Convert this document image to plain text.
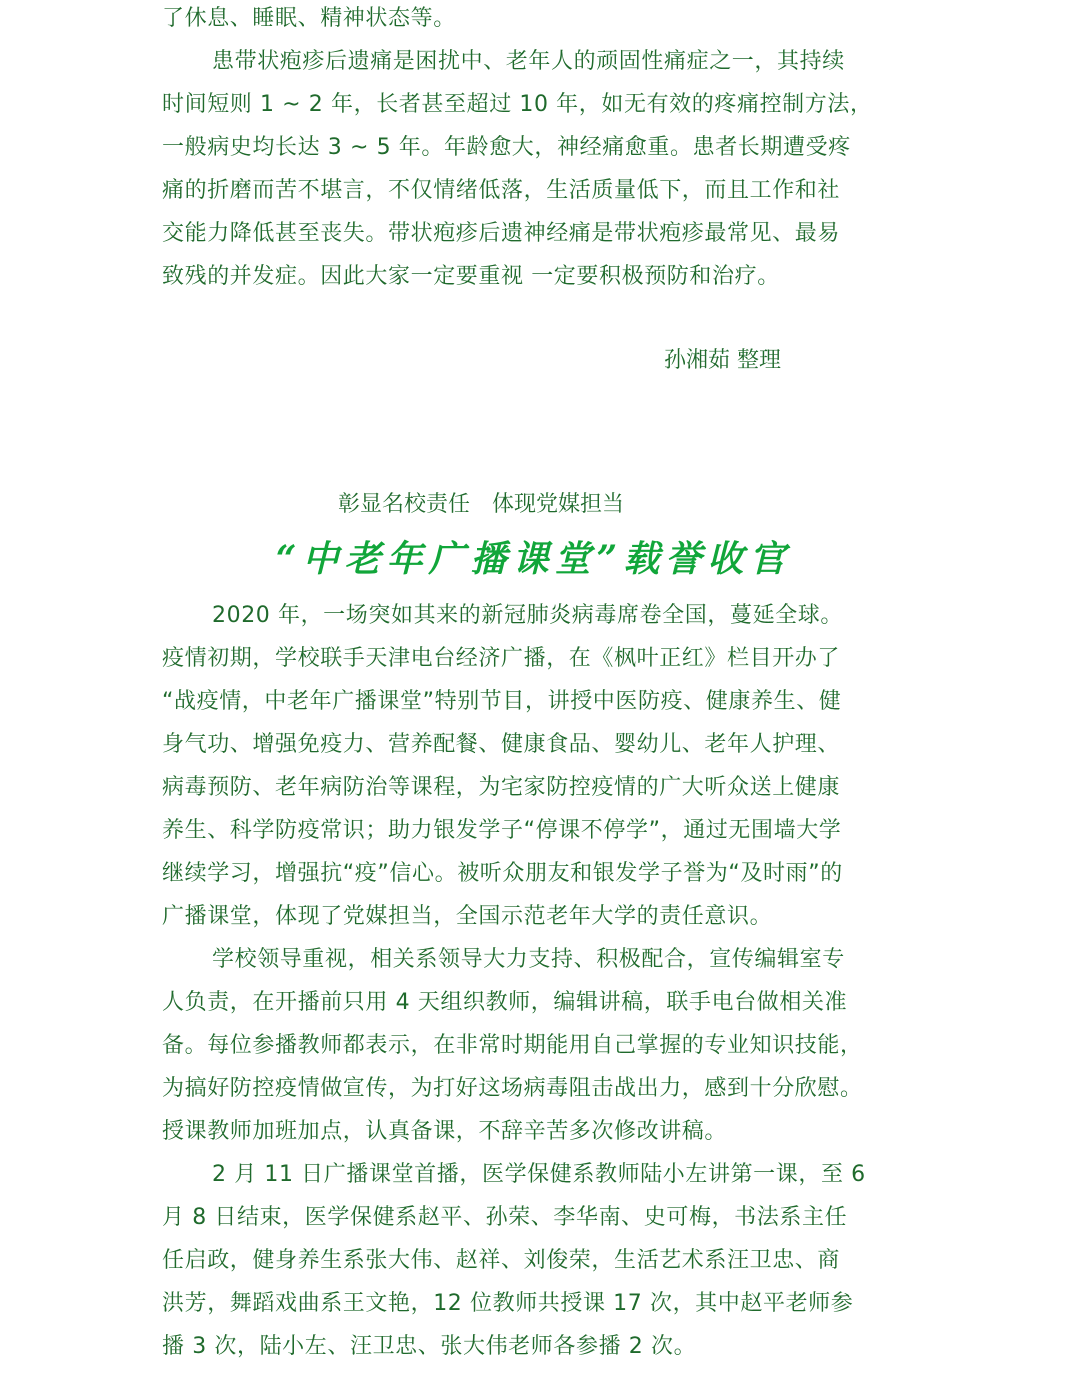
了休息、睡眠、精神状态等。
患带状疱疹后遗痛是困扰中、老年人的顽固性痛症之一，其持续
时间短则 1 ~ 2 年，长者甚至超过 10 年，如无有效的疼痛控制方法，
一般病史均长达 3 ~ 5 年。年龄愈大，神经痛愈重。患者长期遭受疼
痛的折磨而苦不堪言，不仅情绪低落，生活质量低下，而且工作和社
交能力降低甚至丧失。带状疱疹后遗神经痛是带状疱疹最常见、最易
致残的并发症。因此大家一定要重视 一定要积极预防和治疗。
孙湘茹 整理
彰显名校责任　体现党媒担当
“中老年广播课堂”载誉收官
2020 年，一场突如其来的新冠肺炎病毒席卷全国，蔓延全球。
疫情初期，学校联手天津电台经济广播，在《枫叶正红》栏目开办了
“战疫情，中老年广播课堂”特别节目，讲授中医防疫、健康养生、健
身气功、增强免疫力、营养配餐、健康食品、婴幼儿、老年人护理、
病毒预防、老年病防治等课程，为宅家防控疫情的广大听众送上健康
养生、科学防疫常识；助力银发学子“停课不停学”，通过无围墙大学
继续学习，增强抗“疫”信心。被听众朋友和银发学子誉为“及时雨”的
广播课堂，体现了党媒担当，全国示范老年大学的责任意识。
学校领导重视，相关系领导大力支持、积极配合，宣传编辑室专
人负责，在开播前只用 4 天组织教师，编辑讲稿，联手电台做相关准
备。每位参播教师都表示，在非常时期能用自己掌握的专业知识技能，
为搞好防控疫情做宣传，为打好这场病毒阻击战出力，感到十分欣慰。
授课教师加班加点，认真备课，不辞辛苦多次修改讲稿。
2 月 11 日广播课堂首播，医学保健系教师陆小左讲第一课，至 6
月 8 日结束，医学保健系赵平、孙荣、李华南、史可梅，书法系主任
任启政，健身养生系张大伟、赵祥、刘俊荣，生活艺术系汪卫忠、商
洪芳，舞蹈戏曲系王文艳，12 位教师共授课 17 次，其中赵平老师参
播 3 次，陆小左、汪卫忠、张大伟老师各参播 2 次。
